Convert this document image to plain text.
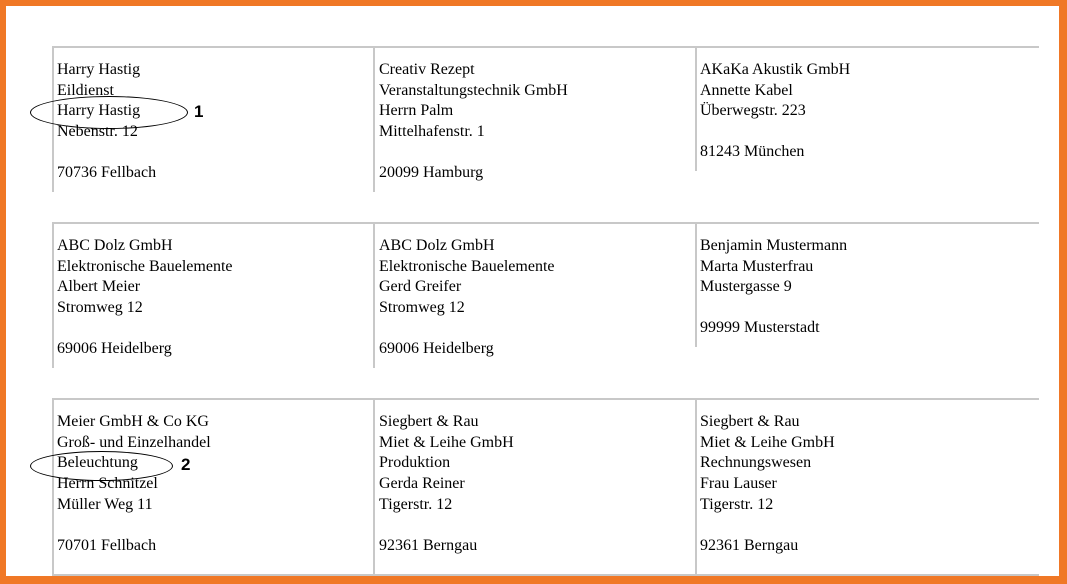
Harry Hastig
Eildienst
Harry Hastig
Nebenstr. 12
70736 Fellbach
Creativ Rezept
Veranstaltungstechnik GmbH
Herrn Palm
Mittelhafenstr. 1
20099 Hamburg
AKaKa Akustik GmbH
Annette Kabel
Überwegstr. 223
81243 München
ABC Dolz GmbH
Elektronische Bauelemente
Albert Meier
Stromweg 12
69006 Heidelberg
ABC Dolz GmbH
Elektronische Bauelemente
Gerd Greifer
Stromweg 12
69006 Heidelberg
Benjamin Mustermann
Marta Musterfrau
Mustergasse 9
99999 Musterstadt
Meier GmbH & Co KG
Groß- und Einzelhandel
Beleuchtung
Herrn Schnitzel
Müller Weg 11
70701 Fellbach
Siegbert & Rau
Miet & Leihe GmbH
Produktion
Gerda Reiner
Tigerstr. 12
92361 Berngau
Siegbert & Rau
Miet & Leihe GmbH
Rechnungswesen
Frau Lauser
Tigerstr. 12
92361 Berngau
1
2
